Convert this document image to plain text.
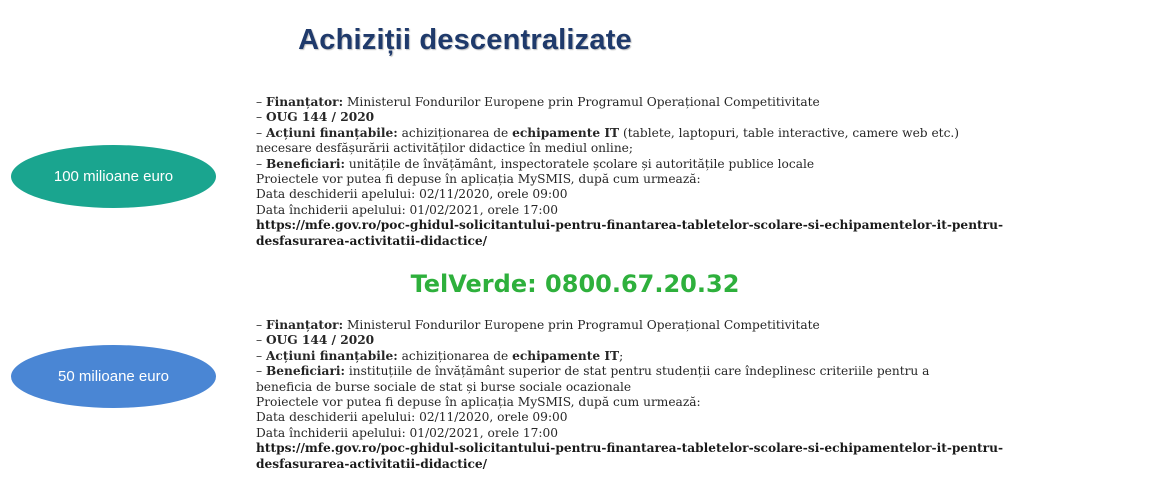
Achiziții descentralizate
100 milioane euro
– Finanțator: Ministerul Fondurilor Europene prin Programul Operațional Competitivitate
– OUG 144 / 2020
– Acțiuni finanțabile: achiziționarea de echipamente IT (tablete, laptopuri, table interactive, camere web etc.)
necesare desfășurării activităților didactice în mediul online;
– Beneficiari: unitățile de învățământ, inspectoratele școlare și autoritățile publice locale
Proiectele vor putea fi depuse în aplicația MySMIS, după cum urmează:
Data deschiderii apelului: 02/11/2020, orele 09:00
Data închiderii apelului: 01/02/2021, orele 17:00
https://mfe.gov.ro/poc-ghidul-solicitantului-pentru-finantarea-tabletelor-scolare-si-echipamentelor-it-pentru-
desfasurarea-activitatii-didactice/
TelVerde: 0800.67.20.32
50 milioane euro
– Finanțator: Ministerul Fondurilor Europene prin Programul Operațional Competitivitate
– OUG 144 / 2020
– Acțiuni finanțabile: achiziționarea de echipamente IT;
– Beneficiari: instituțiile de învățământ superior de stat pentru studenții care îndeplinesc criteriile pentru a
beneficia de burse sociale de stat și burse sociale ocazionale
Proiectele vor putea fi depuse în aplicația MySMIS, după cum urmează:
Data deschiderii apelului: 02/11/2020, orele 09:00
Data închiderii apelului: 01/02/2021, orele 17:00
https://mfe.gov.ro/poc-ghidul-solicitantului-pentru-finantarea-tabletelor-scolare-si-echipamentelor-it-pentru-
desfasurarea-activitatii-didactice/
